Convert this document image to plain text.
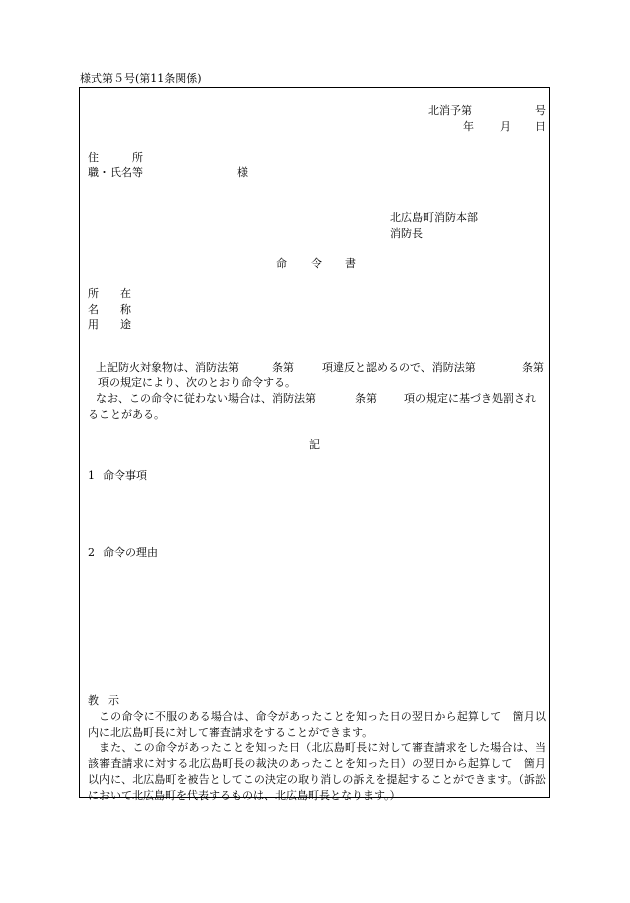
様式第５号(第11条関係)
北消予第	号
年 月 日
住	所
職・氏名等	様
北広島町消防本部
消防長
命 令 書
所 在
名 称
用 途
上記防火対象物は、消防法第	条第	項違反と認めるので、消防法第	条第
項の規定により、次のとおり命令する。
なお、この命令に従わない場合は、消防法第	条第 項の規定に基づき処罰され
ることがある。
記
1 命令事項
2 命令の理由
教 示
この命令に不服のある場合は、命令があったことを知った日の翌日から起算して　箇月以内に北広島町長に対して審査請求をすることができます。
また、この命令があったことを知った日（北広島町長に対して審査請求をした場合は、当該審査請求に対する北広島町長の裁決のあったことを知った日）の翌日から起算して　箇月以内に、北広島町を被告としてこの決定の取り消しの訴えを提起することができます。（訴訟において北広島町を代表するものは、北広島町長となります。）
